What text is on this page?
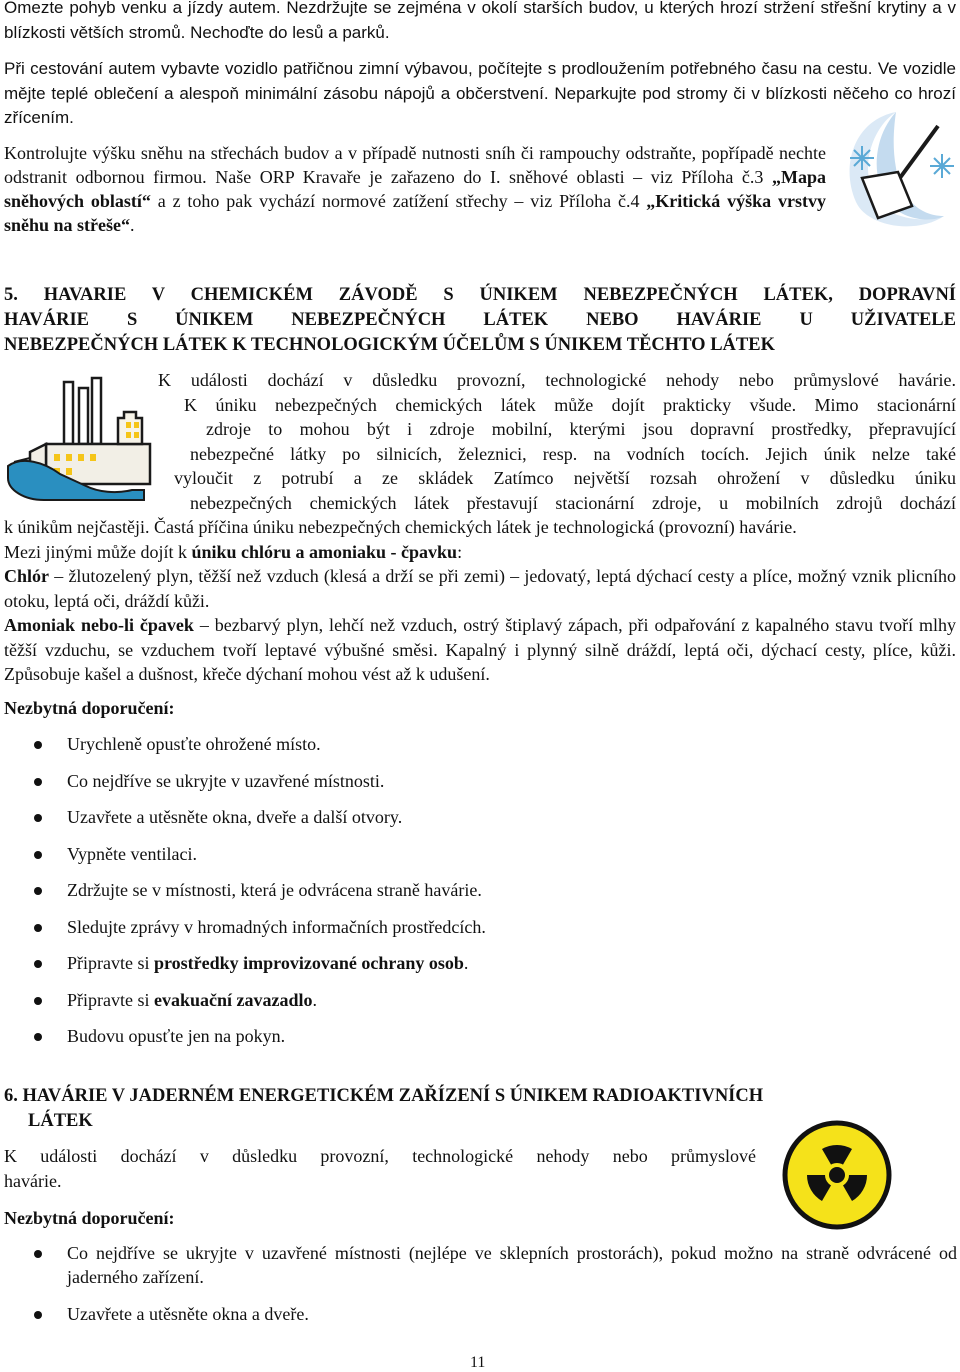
Omezte pohyb venku a jízdy autem. Nezdržujte se zejména v okolí starších budov, u kterých hrozí stržení střešní krytiny a v blízkosti větších stromů. Nechoďte do lesů a parků.

Při cestování autem vybavte vozidlo patřičnou zimní výbavou, počítejte s prodloužením potřebného času na cestu. Ve vozidle mějte teplé oblečení a alespoň minimální zásobu nápojů a občerstvení. Neparkujte pod stromy či v blízkosti něčeho co hrozí zřícením.

Kontrolujte výšku sněhu na střechách budov a v případě nutnosti sníh či rampouchy odstraňte, popřípadě nechte odstranit odbornou firmou. Naše ORP Kravaře je zařazeno do I. sněhové oblasti – viz Příloha č.3 „Mapa sněhových oblastí“ a z toho pak vychází normové zatížení střechy – viz Příloha č.4 „Kritická výška vrstvy sněhu na střeše“.

5. HAVARIE V CHEMICKÉM ZÁVODĚ S ÚNIKEM NEBEZPEČNÝCH LÁTEK, DOPRAVNÍ

HAVÁRIE S ÚNIKEM NEBEZPEČNÝCH LÁTEK NEBO HAVÁRIE U UŽIVATELE

NEBEZPEČNÝCH LÁTEK K TECHNOLOGICKÝM ÚČELŮM S ÚNIKEM TĚCHTO LÁTEK

K události dochází v důsledku provozní, technologické nehody nebo průmyslové havárie.

K úniku nebezpečných chemických látek může dojít prakticky všude. Mimo stacionární

zdroje to mohou být i zdroje mobilní, kterými jsou dopravní prostředky, přepravující

nebezpečné látky po silnicích, železnici, resp. na vodních tocích. Jejich únik nelze také

vyloučit z potrubí a ze skládek Zatímco největší rozsah ohrožení v důsledku úniku

nebezpečných chemických látek přestavují stacionární zdroje, u mobilních zdrojů dochází

k únikům nejčastěji. Častá příčina úniku nebezpečných chemických látek je technologická (provozní) havárie.

Mezi jinými může dojít k úniku chlóru a amoniaku - čpavku:

Chlór – žlutozelený plyn, těžší než vzduch (klesá a drží se při zemi) – jedovatý, leptá dýchací cesty a plíce, možný vznik plicního otoku, leptá oči, dráždí kůži.

Amoniak nebo-li čpavek – bezbarvý plyn, lehčí než vzduch, ostrý štiplavý zápach, při odpařování z kapalného stavu tvoří mlhy těžší vzduchu, se vzduchem tvoří leptavé výbušné směsi. Kapalný i plynný silně dráždí, leptá oči, dýchací cesty, plíce, kůži. Způsobuje kašel a dušnost, křeče dýchaní mohou vést až k udušení.

Nezbytná doporučení:

Urychleně opusťte ohrožené místo.
Co nejdříve se ukryjte v uzavřené místnosti.
Uzavřete a utěsněte okna, dveře a další otvory.
Vypněte ventilaci.
Zdržujte se v místnosti, která je odvrácena straně havárie.
Sledujte zprávy v hromadných informačních prostředcích.
Připravte si prostředky improvizované ochrany osob.
Připravte si evakuační zavazadlo.
Budovu opusťte jen na pokyn.

6. HAVÁRIE V JADERNÉM ENERGETICKÉM ZAŘÍZENÍ S ÚNIKEM RADIOAKTIVNÍCH

LÁTEK

K události dochází v důsledku provozní, technologické nehody nebo průmyslové

havárie.

Nezbytná doporučení:

Co nejdříve se ukryjte v uzavřené místnosti (nejlépe ve sklepních prostorách), pokud možno na straně odvrácené od jaderného zařízení.
Uzavřete a utěsněte okna a dveře.

11
